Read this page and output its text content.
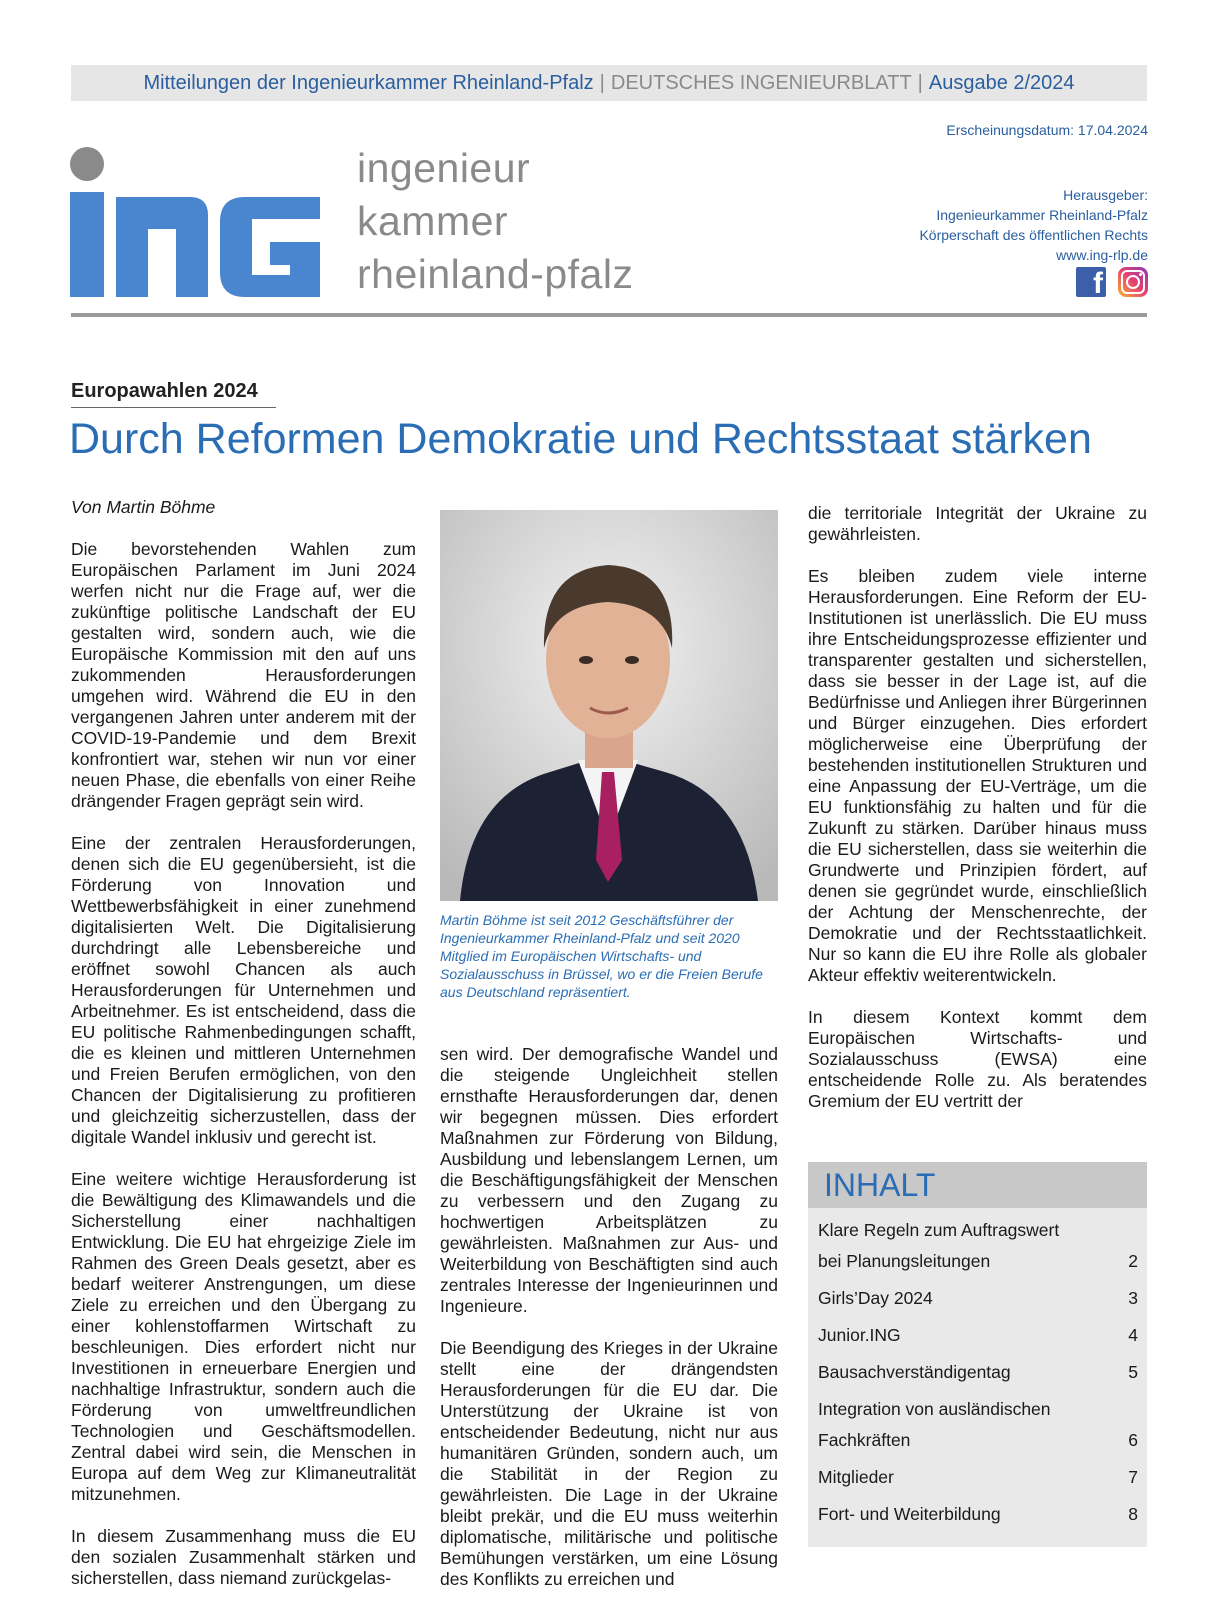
Mitteilungen der Ingenieurkammer Rheinland-Pfalz | DEUTSCHES INGENIEURBLATT | Ausgabe 2/2024
Erscheinungsdatum: 17.04.2024
ingenieur
kammer
rheinland-pfalz
Herausgeber:
Ingenieurkammer Rheinland-Pfalz
Körperschaft des öffentlichen Rechts
www.ing-rlp.de
f
Europawahlen 2024
Durch Reformen Demokratie und Rechtsstaat stärken

Von Martin Böhme

Die bevorstehenden Wahlen zum Europäischen Parlament im Juni 2024 werfen nicht nur die Frage auf, wer die zukünftige politische Landschaft der EU gestalten wird, sondern auch, wie die Europäische Kommission mit den auf uns zukommenden Herausforderungen umgehen wird. Während die EU in den vergangenen Jahren unter anderem mit der COVID-19-Pandemie und dem Brexit konfrontiert war, stehen wir nun vor einer neuen Phase, die ebenfalls von einer Reihe drängender Fragen geprägt sein wird.

Eine der zentralen Herausforderungen, denen sich die EU gegenübersieht, ist die Förderung von Innovation und Wettbewerbsfähigkeit in einer zunehmend digitalisierten Welt. Die Digitalisierung durchdringt alle Lebensbereiche und eröffnet sowohl Chancen als auch Herausforderungen für Unternehmen und Arbeitnehmer. Es ist entscheidend, dass die EU politische Rahmenbedingungen schafft, die es kleinen und mittleren Unternehmen und Freien Berufen ermöglichen, von den Chancen der Digitalisierung zu profitieren und gleichzeitig sicherzustellen, dass der digitale Wandel inklusiv und gerecht ist.

Eine weitere wichtige Herausforderung ist die Bewältigung des Klimawandels und die Sicherstellung einer nachhaltigen Entwicklung. Die EU hat ehrgeizige Ziele im Rahmen des Green Deals gesetzt, aber es bedarf weiterer Anstrengungen, um diese Ziele zu erreichen und den Übergang zu einer kohlenstoffarmen Wirtschaft zu beschleunigen. Dies erfordert nicht nur Investitionen in erneuerbare Energien und nachhaltige Infrastruktur, sondern auch die Förderung von umweltfreundlichen Technologien und Geschäftsmodellen. Zentral dabei wird sein, die Menschen in Europa auf dem Weg zur Klimaneutralität mitzunehmen.

In diesem Zusammenhang muss die EU den sozialen Zusammenhalt stärken und sicherstellen, dass niemand zurückgelas-

Martin Böhme ist seit 2012 Geschäftsführer der Ingenieurkammer Rheinland-Pfalz und seit 2020 Mitglied im Europäischen Wirtschafts- und Sozialausschuss in Brüssel, wo er die Freien Berufe aus Deutschland repräsentiert.

sen wird. Der demografische Wandel und die steigende Ungleichheit stellen ernsthafte Herausforderungen dar, denen wir begegnen müssen. Dies erfordert Maßnahmen zur Förderung von Bildung, Ausbildung und lebenslangem Lernen, um die Beschäftigungsfähigkeit der Menschen zu verbessern und den Zugang zu hochwertigen Arbeitsplätzen zu gewährleisten. Maßnahmen zur Aus- und Weiterbildung von Beschäftigten sind auch zentrales Interesse der Ingenieurinnen und Ingenieure.

Die Beendigung des Krieges in der Ukraine stellt eine der drängendsten Herausforderungen für die EU dar. Die Unterstützung der Ukraine ist von entscheidender Bedeutung, nicht nur aus humanitären Gründen, sondern auch, um die Stabilität in der Region zu gewährleisten. Die Lage in der Ukraine bleibt prekär, und die EU muss weiterhin diplomatische, militärische und politische Bemühungen verstärken, um eine Lösung des Konflikts zu erreichen und

die territoriale Integrität der Ukraine zu gewährleisten.

Es bleiben zudem viele interne Herausforderungen. Eine Reform der EU-Institutionen ist unerlässlich. Die EU muss ihre Entscheidungsprozesse effizienter und transparenter gestalten und sicherstellen, dass sie besser in der Lage ist, auf die Bedürfnisse und Anliegen ihrer Bürgerinnen und Bürger einzugehen. Dies erfordert möglicherweise eine Überprüfung der bestehenden institutionellen Strukturen und eine Anpassung der EU-Verträge, um die EU funktionsfähig zu halten und für die Zukunft zu stärken. Darüber hinaus muss die EU sicherstellen, dass sie weiterhin die Grundwerte und Prinzipien fördert, auf denen sie gegründet wurde, einschließlich der Achtung der Menschenrechte, der Demokratie und der Rechtsstaatlichkeit. Nur so kann die EU ihre Rolle als globaler Akteur effektiv weiterentwickeln.

In diesem Kontext kommt dem Europäischen Wirtschafts- und Sozialausschuss (EWSA) eine entscheidende Rolle zu. Als beratendes Gremium der EU vertritt der

INHALT
Klare Regeln zum Auftragswert
bei Planungsleitungen	2
Girls’Day 2024	3
Junior.ING	4
Bausachverständigentag	5
Integration von ausländischen
Fachkräften	6
Mitglieder	7
Fort- und Weiterbildung	8
